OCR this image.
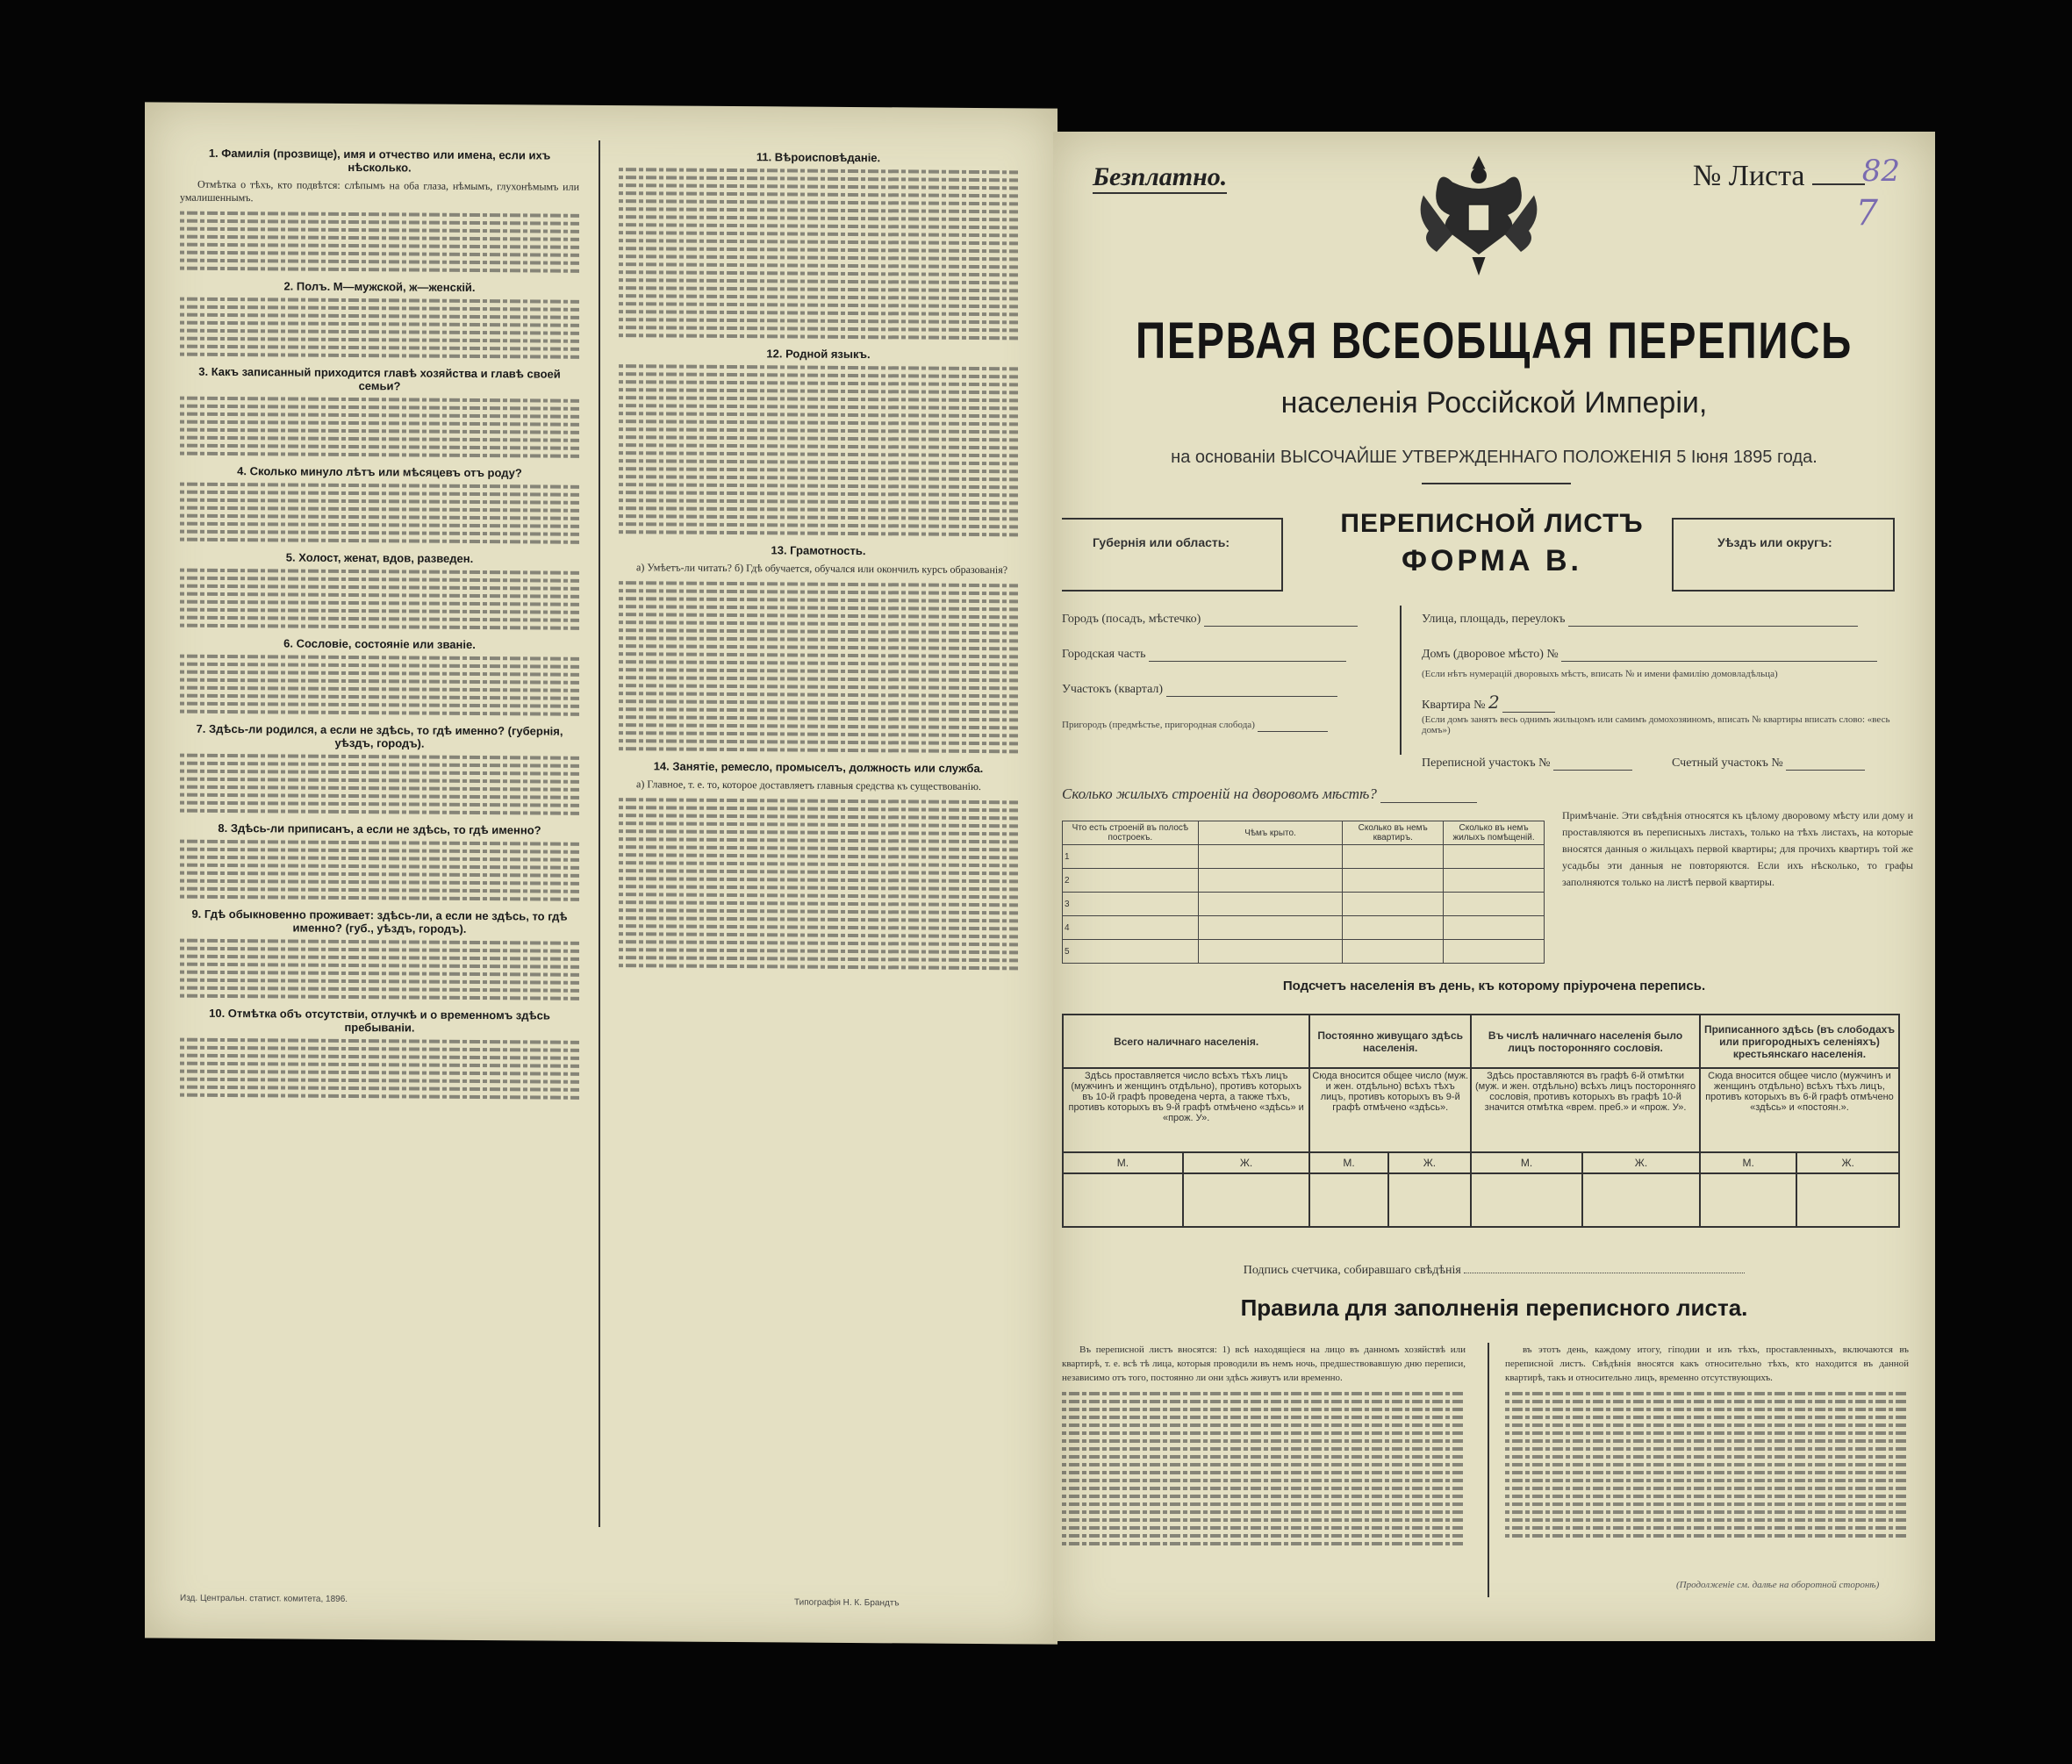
1. Фамилія (прозвище), имя и отчество или имена, если ихъ нѣсколько.

Отмѣтка о тѣхъ, кто подвѣтся: слѣпымъ на оба глаза, нѣмымъ, глухонѣмымъ или умалишеннымъ.

2. Полъ. М—мужской, ж—женскій.
3. Какъ записанный приходится главѣ хозяйства и главѣ своей семьи?
4. Сколько минуло лѣтъ или мѣсяцевъ отъ роду?
5. Холост, женат, вдов, разведен.
6. Сословіе, состояніе или званіе.
7. Здѣсь-ли родился, а если не здѣсь, то гдѣ именно? (губернія, уѣздъ, городъ).
8. Здѣсь-ли приписанъ, а если не здѣсь, то гдѣ именно?
9. Гдѣ обыкновенно проживает: здѣсь-ли, а если не здѣсь, то гдѣ именно? (губ., уѣздъ, городъ).
10. Отмѣтка объ отсутствіи, отлучкѣ и о временномъ здѣсь пребываніи.
11. Вѣроисповѣданіе.
12. Родной языкъ.
13. Грамотность.

а) Умѣетъ-ли читать? б) Гдѣ обучается, обучался или окончилъ курсъ образованія?

14. Занятіе, ремесло, промыселъ, должность или служба.

а) Главное, т. е. то, которое доставляетъ главныя средства къ существованію.

Изд. Центральн. статист. комитета, 1896.	Типографія Н. К. Брандтъ
Безплатно.	№ Листа	82
7
ПЕРВАЯ ВСЕОБЩАЯ ПЕРЕПИСЬ
населенія Россійской Имперіи,
на основаніи ВЫСОЧАЙШЕ УТВЕРЖДЕННАГО ПОЛОЖЕНІЯ 5 Іюня 1895 года.
Губернія или область:
ПЕРЕПИСНОЙ ЛИСТЪ
ФОРМА В.
Уѣздъ или округъ:
Городъ (посадъ, мѣстечко)
Городская часть
Участокъ (квартал)
Пригородъ (предмѣстье, пригородная слобода)
Улица, площадь, переулокъ
Домъ (дворовое мѣсто) №
(Если нѣтъ нумерацій дворовыхъ мѣстъ, вписать № и имени фамилію домовладѣльца)
Квартира № 2
(Если домъ занятъ весь однимъ жильцомъ или самимъ домохозяиномъ, вписать № квартиры вписать слово: «весь домъ»)
Переписной участокъ №	Счетный участокъ №
Сколько жилыхъ строеній на дворовомъ мѣстѣ?
Что есть строеній въ полосѣ построекъ.	Чѣмъ крыто.	Сколько въ немъ квартиръ.	Сколько въ немъ жилыхъ помѣщеній.
1			
2			
3			
4			
5			
Примѣчаніе. Эти свѣдѣнія относятся къ цѣлому дворовому мѣсту или дому и проставляются въ переписныхъ листахъ, только на тѣхъ листахъ, на которые вносятся данныя о жильцахъ первой квартиры; для прочихъ квартиръ той же усадьбы эти данныя не повторяются. Если ихъ нѣсколько, то графы заполняются только на листѣ первой квартиры.
Подсчетъ населенія въ день, къ которому пріурочена перепись.
Всего наличнаго населенія.		Постоянно живущаго здѣсь населенія.		Въ числѣ наличнаго населенія было лицъ посторонняго сословія.		Приписанного здѣсь (въ слободахъ или пригородныхъ селеніяхъ) крестьянскаго населенія.	
Здѣсь проставляется число всѣхъ тѣхъ лицъ (мужчинъ и женщинъ отдѣльно), противъ которыхъ въ 10-й графѣ проведена черта, а также тѣхъ, противъ которыхъ въ 9-й графѣ отмѣчено «здѣсь» и «прож. У».		Сюда вносится общее число (муж. и жен. отдѣльно) всѣхъ тѣхъ лицъ, противъ которыхъ въ 9-й графѣ отмѣчено «здѣсь».		Здѣсь проставляются въ графѣ 6-й отмѣтки (муж. и жен. отдѣльно) всѣхъ лицъ посторонняго сословія, противъ которыхъ въ графѣ 10-й значится отмѣтка «врем. преб.» и «прож. У».		Сюда вносится общее число (мужчинъ и женщинъ отдѣльно) всѣхъ тѣхъ лицъ, противъ которыхъ въ 6-й графѣ отмѣчено «здѣсь» и «постоян.».	
М.	Ж.	М.	Ж.	М.	Ж.	М.	Ж.

Подпись счетчика, собиравшаго свѣдѣнія
Правила для заполненія переписного листа.

Въ переписной листъ вносятся: 1) всѣ находящіеся на лицо въ данномъ хозяйствѣ или квартирѣ, т. е. всѣ тѣ лица, которыя проводили въ немъ ночь, предшествовавшую дню переписи, независимо отъ того, постоянно ли они здѣсь живутъ или временно.

въ этотъ день, каждому итогу, гіподии и изъ тѣхъ, проставленныхъ, включаются въ переписной листъ. Свѣдѣнія вносятся какъ относительно тѣхъ, кто находится въ данной квартирѣ, такъ и относительно лицъ, временно отсутствующихъ.

(Продолженіе см. далѣе на оборотной сторонѣ)
